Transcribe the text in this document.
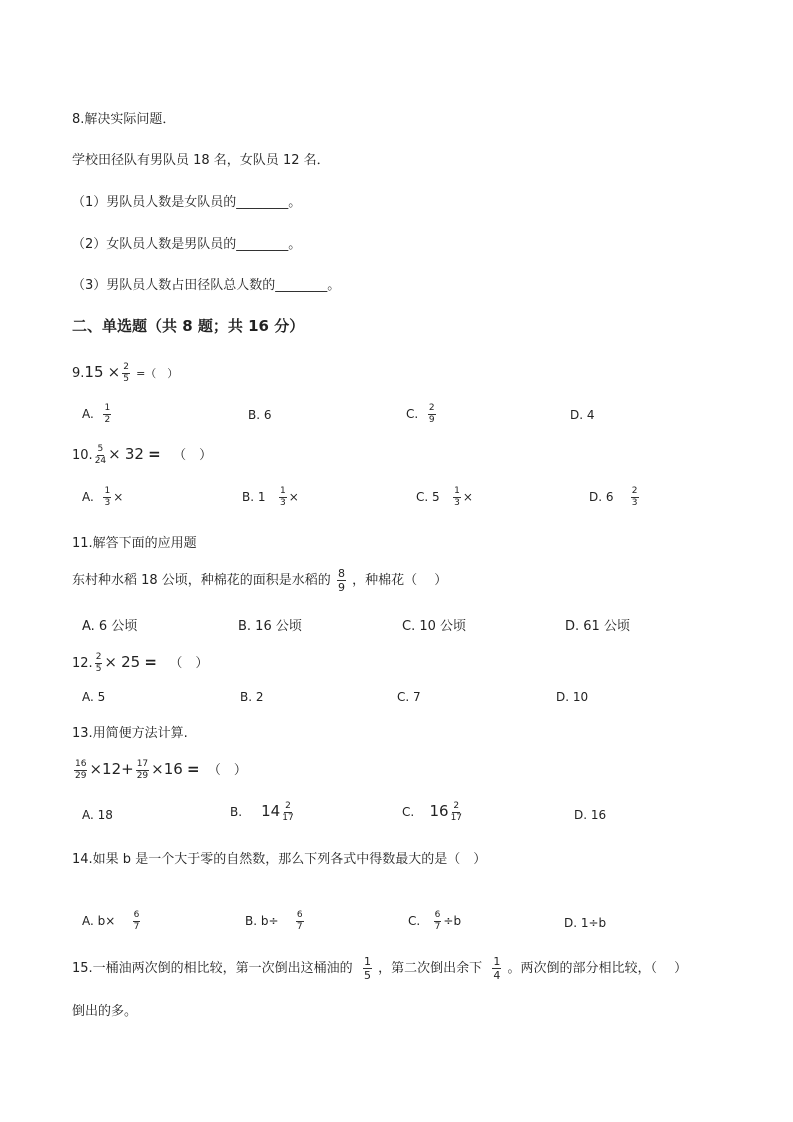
8.解决实际问题．
学校田径队有男队员 18 名，女队员 12 名．
（1）男队员人数是女队员的________。
（2）女队员人数是男队员的________。
（3）男队员人数占田径队总人数的________。
二、单选题（共 8 题；共 16 分）
$9.15 \times \frac{2}{5}$ =（　）
A. $\frac{1}{2}$	B. 6	C. $\frac{2}{9}$	D. 4
10. $\frac{5}{24} \times 32$ = （　）
A. $\frac{1}{3}$ ×	B. $1 \frac{1}{3}$ ×	C. $5 \frac{1}{3}$ ×	D. $6 \frac{2}{3}$
11.解答下面的应用题
东村种水稻 18 公顷，种棉花的面积是水稻的 $\frac{8}{9}$ ，种棉花（　 ）
A. 6 公顷	B. 16 公顷	C. 10 公顷	D. 61 公顷
12. $\frac{2}{5} \times 25$ = （　）
A. 5	B. 2	C. 7	D. 10
13.用简便方法计算.
$\frac{16}{29} \times 12+ \frac{17}{29} \times 16$ = （　）
A. 18	B. $14 \frac{2}{17}$	C. $16 \frac{2}{17}$	D. 16
14.如果 b 是一个大于零的自然数，那么下列各式中得数最大的是（　）
A. $b\times \frac{6}{7}$	B. $b\div \frac{6}{7}$	C. $\frac{6}{7} \div b$	D. 1÷b
15.一桶油两次倒的相比较，第一次倒出这桶油的 $\frac{1}{5}$ ，第二次倒出余下 $\frac{1}{4}$ 。两次倒的部分相比较，（　 ）
倒出的多。
